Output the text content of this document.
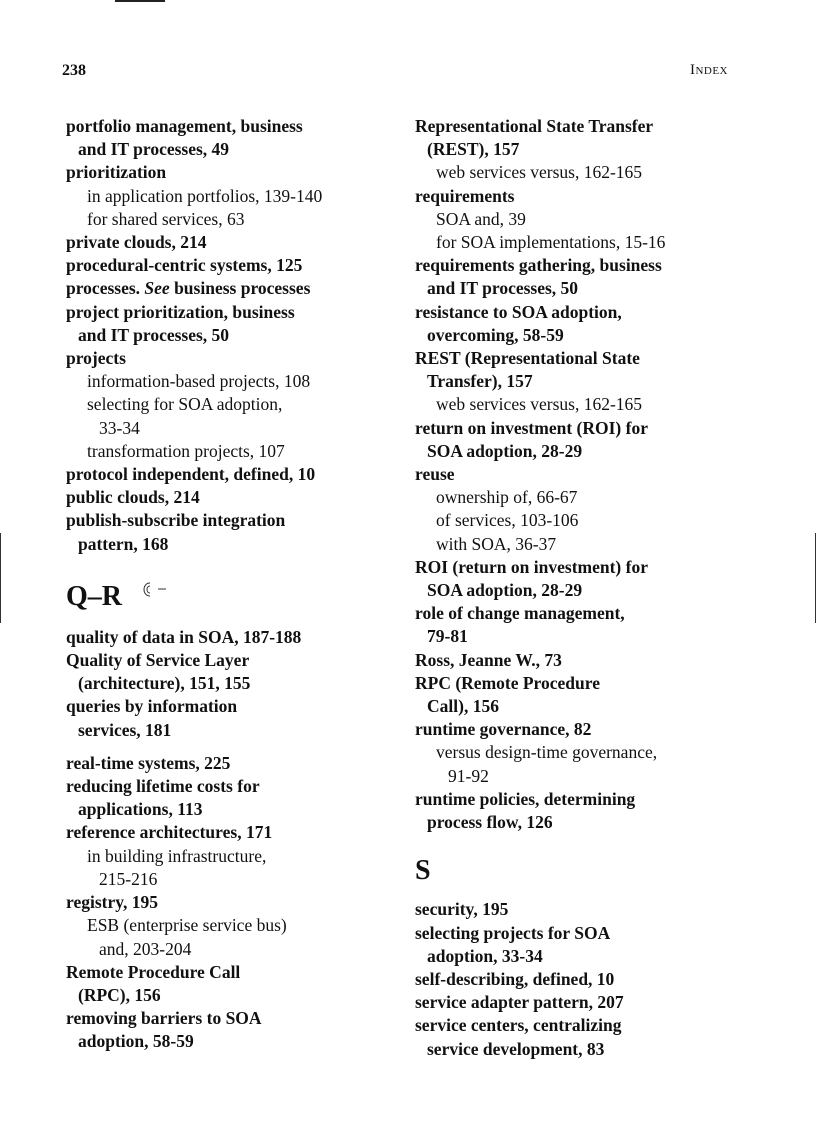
238	Index
portfolio management, business
and IT processes, 49
prioritization
in application portfolios, 139-140
for shared services, 63
private clouds, 214
procedural-centric systems, 125
processes. See business processes
project prioritization, business
and IT processes, 50
projects
information-based projects, 108
selecting for SOA adoption,
33-34
transformation projects, 107
protocol independent, defined, 10
public clouds, 214
publish-subscribe integration
pattern, 168
Q–R
quality of data in SOA, 187-188
Quality of Service Layer
(architecture), 151, 155
queries by information
services, 181
real-time systems, 225
reducing lifetime costs for
applications, 113
reference architectures, 171
in building infrastructure,
215-216
registry, 195
ESB (enterprise service bus)
and, 203-204
Remote Procedure Call
(RPC), 156
removing barriers to SOA
adoption, 58-59
Representational State Transfer
(REST), 157
web services versus, 162-165
requirements
SOA and, 39
for SOA implementations, 15-16
requirements gathering, business
and IT processes, 50
resistance to SOA adoption,
overcoming, 58-59
REST (Representational State
Transfer), 157
web services versus, 162-165
return on investment (ROI) for
SOA adoption, 28-29
reuse
ownership of, 66-67
of services, 103-106
with SOA, 36-37
ROI (return on investment) for
SOA adoption, 28-29
role of change management,
79-81
Ross, Jeanne W., 73
RPC (Remote Procedure
Call), 156
runtime governance, 82
versus design-time governance,
91-92
runtime policies, determining
process flow, 126
S
security, 195
selecting projects for SOA
adoption, 33-34
self-describing, defined, 10
service adapter pattern, 207
service centers, centralizing
service development, 83
